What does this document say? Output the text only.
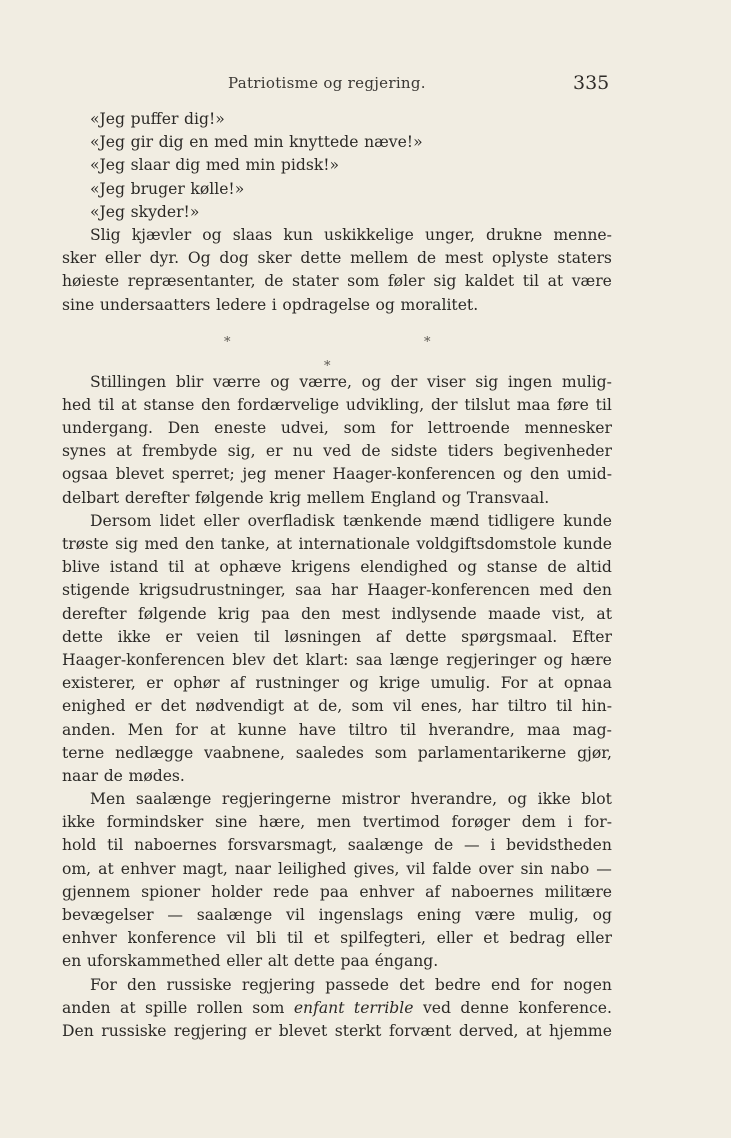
Patriotisme og regjering.	335
«Jeg puffer dig!»
«Jeg gir dig en med min knyttede næve!»
«Jeg slaar dig med min pidsk!»
«Jeg bruger kølle!»
«Jeg skyder!»
Slig kjævler og slaas kun uskikkelige unger, drukne menne-
sker eller dyr. Og dog sker dette mellem de mest oplyste staters
høieste repræsentanter, de stater som føler sig kaldet til at være
sine undersaatters ledere i opdragelse og moralitet.
*	*
*
Stillingen blir værre og værre, og der viser sig ingen mulig-
hed til at stanse den fordærvelige udvikling, der tilslut maa føre til
undergang. Den eneste udvei, som for lettroende mennesker
synes at frembyde sig, er nu ved de sidste tiders begivenheder
ogsaa blevet sperret; jeg mener Haager-konferencen og den umid-
delbart derefter følgende krig mellem England og Transvaal.
Dersom lidet eller overfladisk tænkende mænd tidligere kunde
trøste sig med den tanke, at internationale voldgiftsdomstole kunde
blive istand til at ophæve krigens elendighed og stanse de altid
stigende krigsudrustninger, saa har Haager-konferencen med den
derefter følgende krig paa den mest indlysende maade vist, at
dette ikke er veien til løsningen af dette spørgsmaal. Efter
Haager-konferencen blev det klart: saa længe regjeringer og hære
existerer, er ophør af rustninger og krige umulig. For at opnaa
enighed er det nødvendigt at de, som vil enes, har tiltro til hin-
anden. Men for at kunne have tiltro til hverandre, maa mag-
terne nedlægge vaabnene, saaledes som parlamentarikerne gjør,
naar de mødes.
Men saalænge regjeringerne mistror hverandre, og ikke blot
ikke formindsker sine hære, men tvertimod forøger dem i for-
hold til naboernes forsvarsmagt, saalænge de — i bevidstheden
om, at enhver magt, naar leilighed gives, vil falde over sin nabo —
gjennem spioner holder rede paa enhver af naboernes militære
bevægelser — saalænge vil ingenslags ening være mulig, og
enhver konference vil bli til et spilfegteri, eller et bedrag eller
en uforskammethed eller alt dette paa éngang.
For den russiske regjering passede det bedre end for nogen
anden at spille rollen som enfant terrible ved denne konference.
Den russiske regjering er blevet sterkt forvænt derved, at hjemme
